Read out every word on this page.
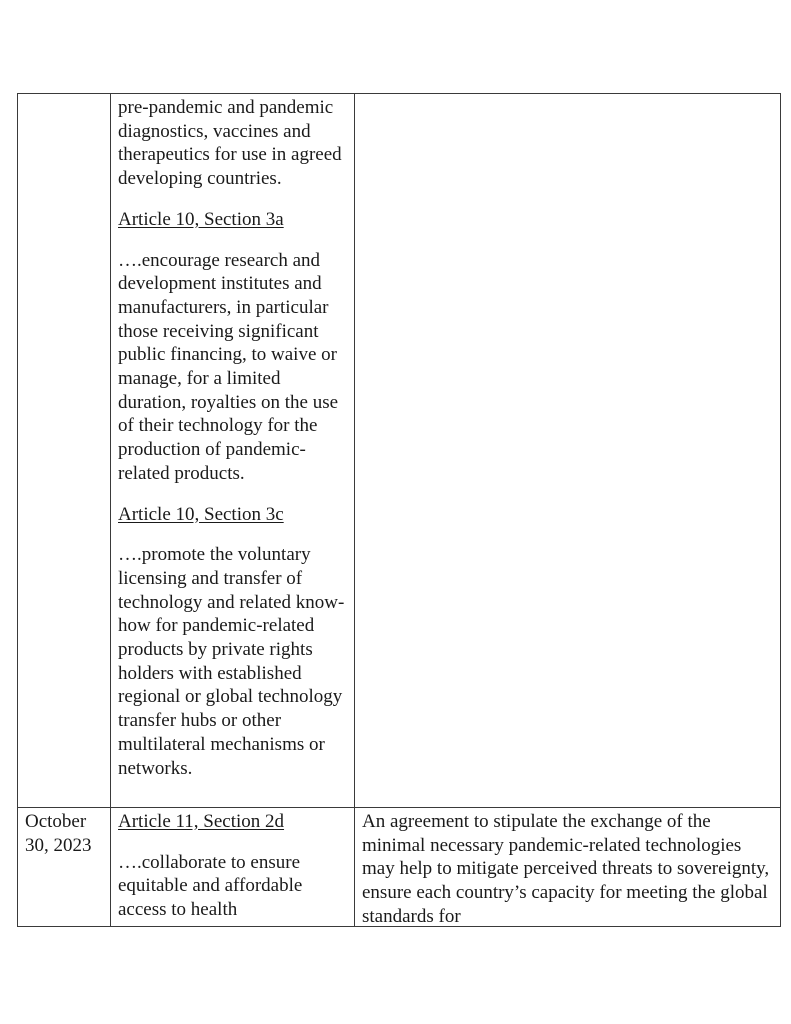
	pre-pandemic and pandemic diagnostics, vaccines and therapeutics for use in agreed developing countries.

Article 10, Section 3a

….encourage research and development institutes and manufacturers, in particular those receiving significant public financing, to waive or manage, for a limited duration, royalties on the use of their technology for the production of pandemic-related products.

Article 10, Section 3c

….promote the voluntary licensing and transfer of technology and related know-how for pandemic-related products by private rights holders with established regional or global technology transfer hubs or other multilateral mechanisms or networks.	

October 30, 2023	Article 11, Section 2d

….collaborate to ensure equitable and affordable access to health	An agreement to stipulate the exchange of the minimal necessary pandemic-related technologies may help to mitigate perceived threats to sovereignty, ensure each country’s capacity for meeting the global standards for
